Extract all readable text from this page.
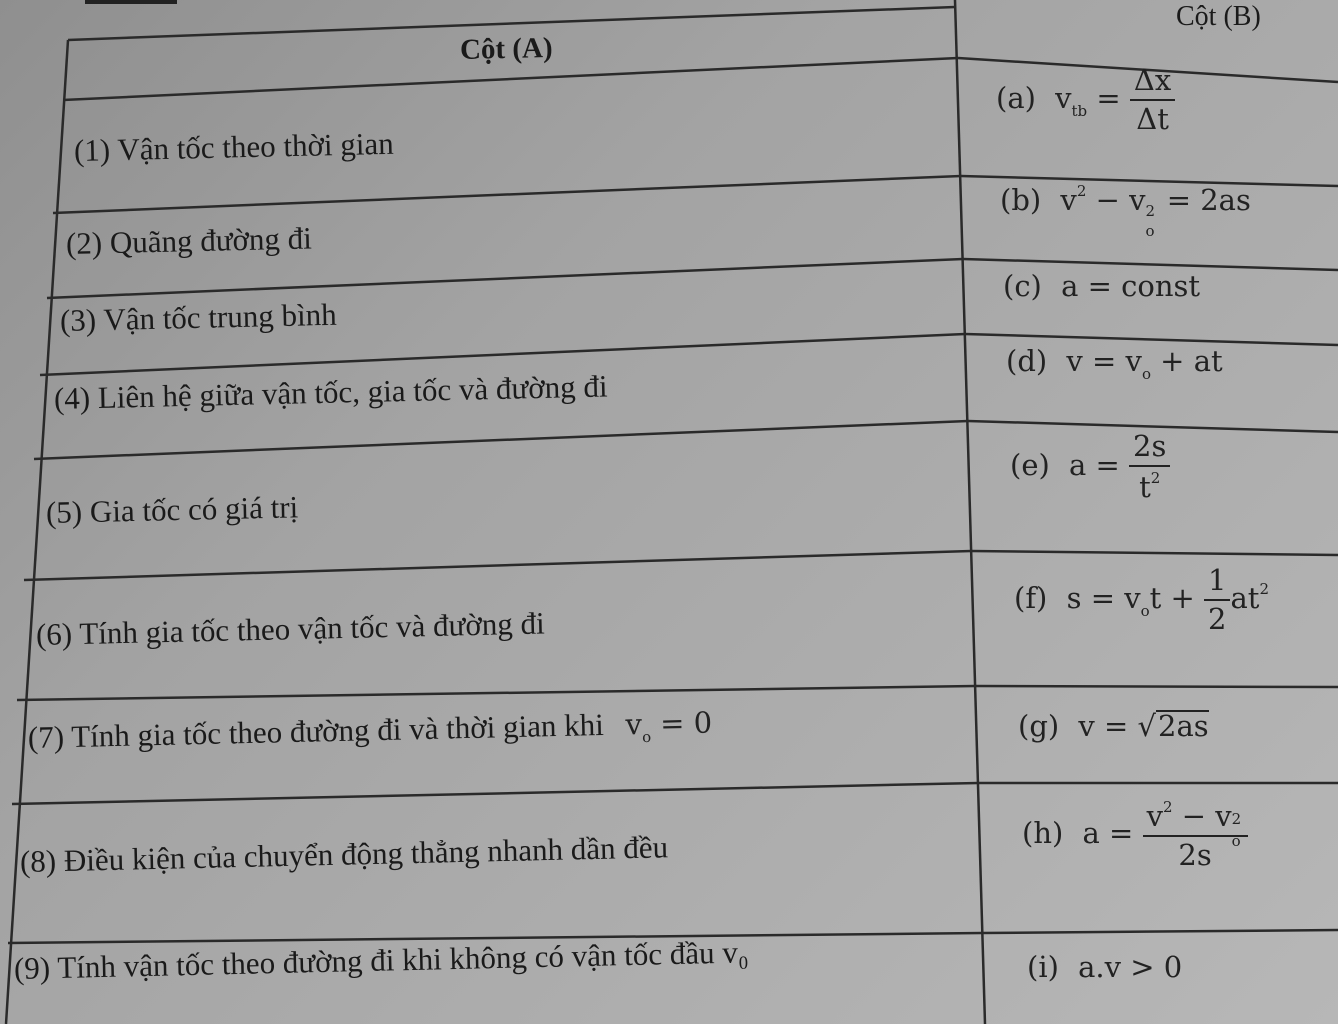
Cột (A)
Cột (B)
(1) Vận tốc theo thời gian
(2) Quãng đường đi
(3) Vận tốc trung bình
(4) Liên hệ giữa vận tốc, gia tốc và đường đi
(5) Gia tốc có giá trị
(6) Tính gia tốc theo vận tốc và đường đi
(7) Tính gia tốc theo đường đi và thời gian khi $v_o = 0$
(8) Điều kiện của chuyển động thẳng nhanh dần đều
(9) Tính vận tốc theo đường đi khi không có vận tốc đầu v₀
(a) $v_{tb} = \frac{\Delta x}{\Delta t}$
(b) $v^2 - v$ 2
o
= 2as
(c) a = const
(d) $v = v_o$ + at
(e) $a = \frac{2s}{t^2}$
(f) $s = v_ot + \frac{1}{2} at^2$
(g) v = √2as
(h) $a = v^2 - v$ 2
o
2s
(i) a.v > 0
